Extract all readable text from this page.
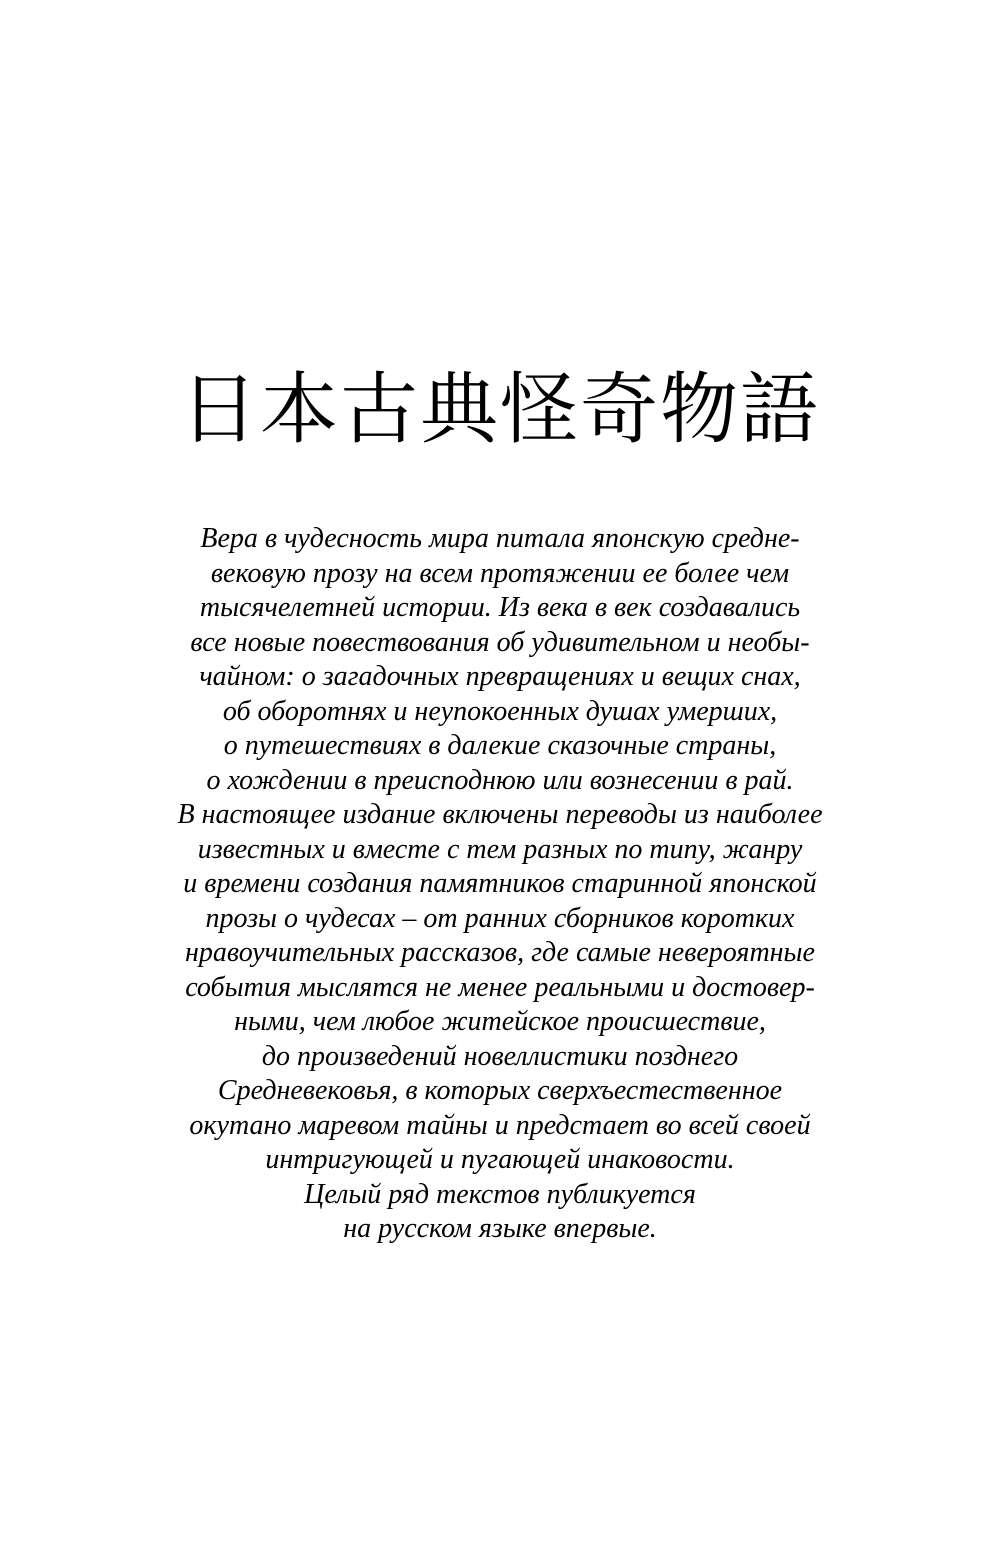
日本古典怪奇物語
Вера в чудесность мира питала японскую средне-
вековую прозу на всем протяжении ее более чем
тысячелетней истории. Из века в век создавались
все новые повествования об удивительном и необы-
чайном: о загадочных превращениях и вещих снах,
об оборотнях и неупокоенных душах умерших,
о путешествиях в далекие сказочные страны,
о хождении в преисподнюю или вознесении в рай.
В настоящее издание включены переводы из наиболее
известных и вместе с тем разных по типу, жанру
и времени создания памятников старинной японской
прозы о чудесах – от ранних сборников коротких
нравоучительных рассказов, где самые невероятные
события мыслятся не менее реальными и достовер-
ными, чем любое житейское происшествие,
до произведений новеллистики позднего
Средневековья, в которых сверхъестественное
окутано маревом тайны и предстает во всей своей
интригующей и пугающей инаковости.
Целый ряд текстов публикуется
на русском языке впервые.
